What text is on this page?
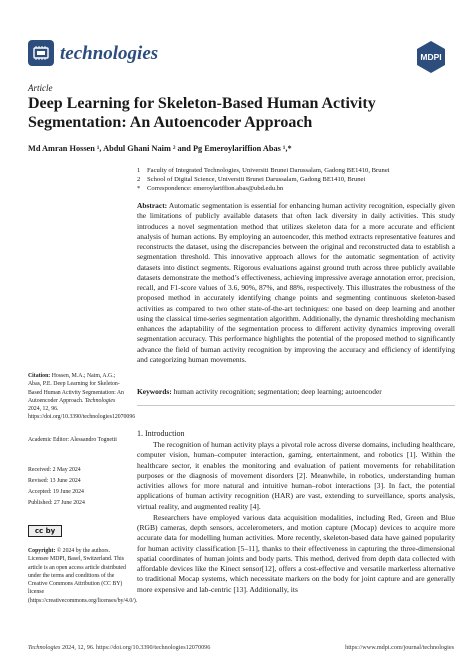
technologies	MDPI
Article
Deep Learning for Skeleton-Based Human Activity Segmentation: An Autoencoder Approach
Md Amran Hossen ¹, Abdul Ghani Naim ² and Pg Emeroylariffion Abas ¹,*
1 Faculty of Integrated Technologies, Universiti Brunei Darussalam, Gadong BE1410, Brunei
2 School of Digital Science, Universiti Brunei Darussalam, Gadong BE1410, Brunei
* Correspondence: emeroylariffion.abas@ubd.edu.bn
Abstract: Automatic segmentation is essential for enhancing human activity recognition, especially given the limitations of publicly available datasets that often lack diversity in daily activities. This study introduces a novel segmentation method that utilizes skeleton data for a more accurate and efficient analysis of human actions. By employing an autoencoder, this method extracts representative features and reconstructs the dataset, using the discrepancies between the original and reconstructed data to establish a segmentation threshold. This innovative approach allows for the automatic segmentation of activity datasets into distinct segments. Rigorous evaluations against ground truth across three publicly available datasets demonstrate the method’s effectiveness, achieving impressive average annotation error, precision, recall, and F1-score values of 3.6, 90%, 87%, and 88%, respectively. This illustrates the robustness of the proposed method in accurately identifying change points and segmenting continuous skeleton-based activities as compared to two other state-of-the-art techniques: one based on deep learning and another using the classical time-series segmentation algorithm. Additionally, the dynamic thresholding mechanism enhances the adaptability of the segmentation process to different activity dynamics improving overall segmentation accuracy. This performance highlights the potential of the proposed method to significantly advance the field of human activity recognition by improving the accuracy and efficiency of identifying and categorizing human movements.
Keywords: human activity recognition; segmentation; deep learning; autoencoder
Citation: Hossen, M.A.; Naim, A.G.; Abas, P.E. Deep Learning for Skeleton-Based Human Activity Segmentation: An Autoencoder Approach. Technologies 2024, 12, 96. https://doi.org/10.3390/technologies12070096
Academic Editor: Alessandro Tognetti
Received: 2 May 2024
Revised: 13 June 2024
Accepted: 19 June 2024
Published: 27 June 2024
cc by
Copyright: © 2024 by the authors. Licensee MDPI, Basel, Switzerland. This article is an open access article distributed under the terms and conditions of the Creative Commons Attribution (CC BY) license (https://creativecommons.org/licenses/by/4.0/).
1. Introduction

The recognition of human activity plays a pivotal role across diverse domains, including healthcare, computer vision, human–computer interaction, gaming, entertainment, and robotics [1]. Within the healthcare sector, it enables the monitoring and evaluation of patient movements for rehabilitation purposes or the diagnosis of movement disorders [2]. Meanwhile, in robotics, understanding human activities allows for more natural and intuitive human–robot interactions [3]. In fact, the potential applications of human activity recognition (HAR) are vast, extending to surveillance, sports analysis, virtual reality, and augmented reality [4].

Researchers have employed various data acquisition modalities, including Red, Green and Blue (RGB) cameras, depth sensors, accelerometers, and motion capture (Mocap) devices to acquire more accurate data for modelling human activities. More recently, skeleton-based data have gained popularity for human activity classification [5–11], thanks to their effectiveness in capturing the three-dimensional spatial coordinates of human joints and body parts. This method, derived from depth data collected with affordable devices like the Kinect sensor[12], offers a cost-effective and versatile markerless alternative to traditional Mocap systems, which necessitate markers on the body for joint capture and are generally more expensive and lab-centric [13]. Additionally, its

Technologies 2024, 12, 96. https://doi.org/10.3390/technologies12070096	https://www.mdpi.com/journal/technologies
